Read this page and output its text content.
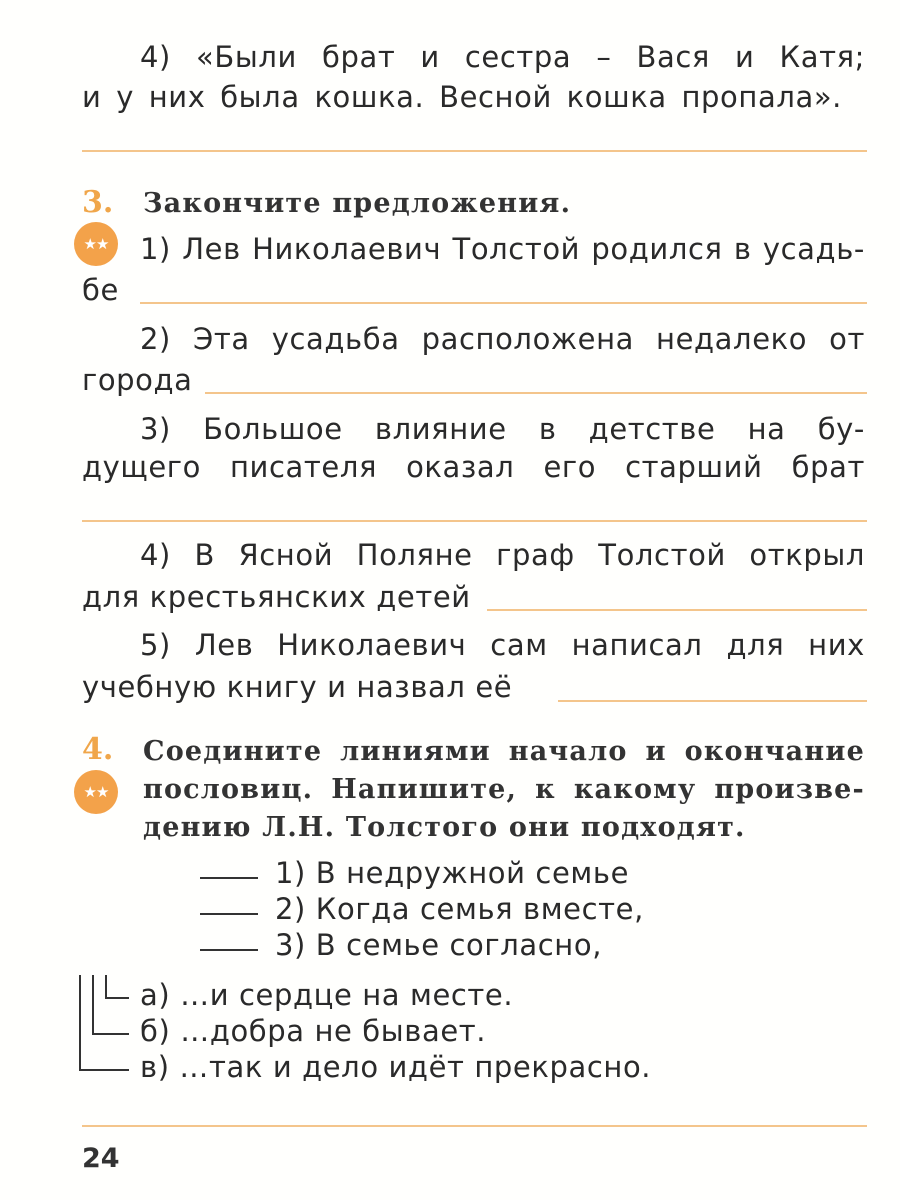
4) «Были брат и сестра – Вася и Катя;
и у них была кошка. Весной кошка пропала».
3. Закончите предложения.
★★	1) Лев Николаевич Толстой родился в усадь-
бе
2) Эта усадьба расположена недалеко от
города
3) Большое влияние в детстве на бу-
дущего писателя оказал его старший брат
4) В Ясной Поляне граф Толстой открыл
для крестьянских детей
5) Лев Николаевич сам написал для них
учебную книгу и назвал её
4.
★★
Соедините линиями начало и окончание
пословиц. Напишите, к какому произве-
дению Л.Н. Толстого они подходят.
1) В недружной семье
2) Когда семья вместе,
3) В семье согласно,
а) …и сердце на месте.
б) …добра не бывает.
в) …так и дело идёт прекрасно.
24
